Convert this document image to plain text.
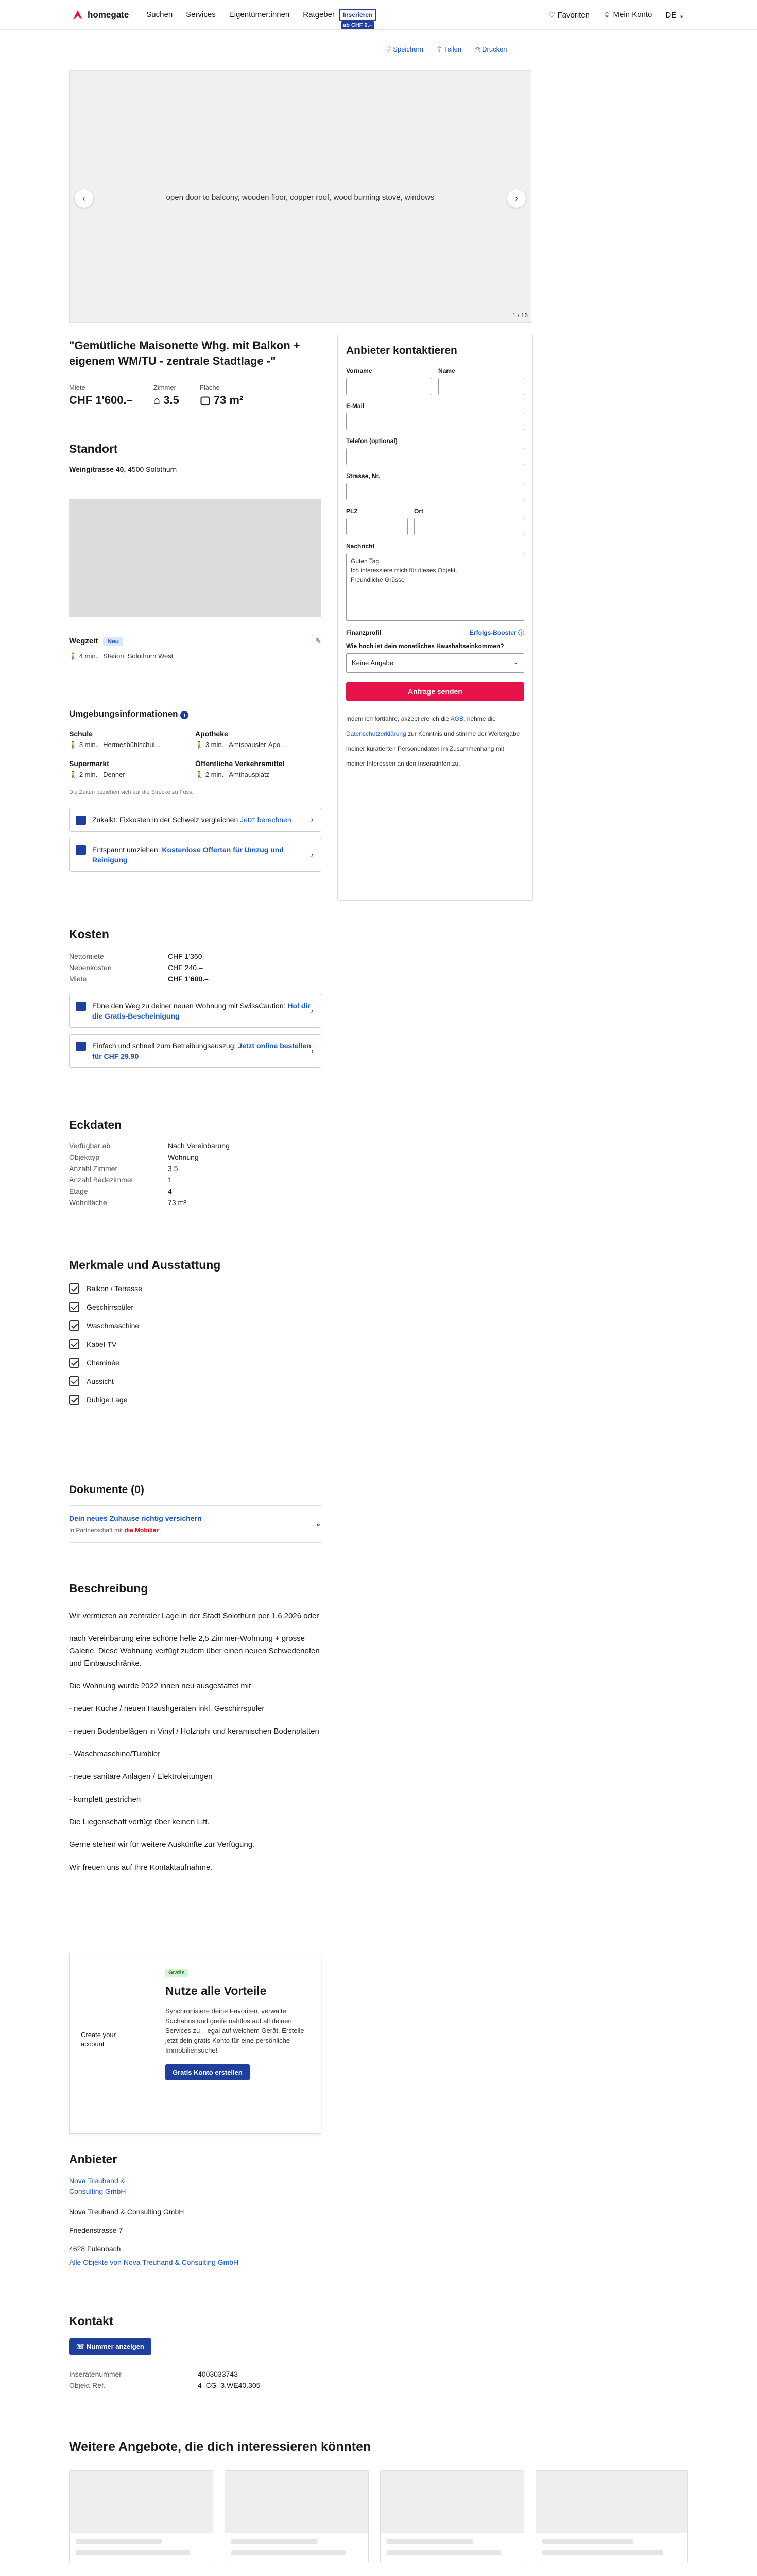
homegate Suchen Services Eigentümer:innen Ratgeber	Inserieren
ab CHF 0.–
♡ Favoriten ☺ Mein Konto DE ⌄
♡ Speichern ⇪ Teilen ⎙ Drucken
open door to balcony, wooden floor, copper roof, wood burning stove, windows
‹	›
1 / 16
"Gemütliche Maisonette Whg. mit Balkon + eigenem WM/TU - zentrale Stadtlage -"
Miete
CHF 1'600.–
Zimmer
⌂ 3.5
Fläche
▢ 73 m²
Standort
Weingitrasse 40, 4500 Solothurn
Wegzeit Neu	✎
🚶 4 min. Station: Solothurn West
Umgebungsinformationen i
Schule
🚶 3 min. Hermesbühlschul...
Apotheke
🚶 3 min. Amtsbausler-Apo...
Supermarkt
🚶 2 min. Denner
Öffentliche Verkehrsmittel
🚶 2 min. Amthausplatz
Die Zeiten beziehen sich auf die Strecke zu Fuss.
Zukalkt: Fixkosten in der Schweiz vergleichen Jetzt berechnen ›
Entspannt umziehen: Kostenlose Offerten für Umzug und Reinigung
›
Kosten
Nettomiete	CHF 1'360.–
Nebenkosten	CHF 240.–
Miete	CHF 1'600.–
Ebne den Weg zu deiner neuen Wohnung mit SwissCaution: Hol dir die Gratis-Bescheinigung
›
Einfach und schnell zum Betreibungsauszug: Jetzt online bestellen für CHF 29.90
›
Eckdaten
Verfügbar ab	Nach Vereinbarung
Objekttyp	Wohnung
Anzahl Zimmer	3.5
Anzahl Badezimmer	1
Etage	4
Wohnfläche	73 m²
Merkmale und Ausstattung
Balkon / Terrasse
Geschirrspüler
Waschmaschine
Kabel-TV
Cheminée
Aussicht
Ruhige Lage
Dokumente (0)
Dein neues Zuhause richtig versichern
In Partnerschaft mit die Mobiliar
⌄
Beschreibung

Wir vermieten an zentraler Lage in der Stadt Solothurn per 1.6.2026 oder

nach Vereinbarung eine schöne helle 2,5 Zimmer-Wohnung + grosse Galerie. Diese Wohnung verfügt zudem über einen neuen Schwedenofen und Einbauschränke.

Die Wohnung wurde 2022 innen neu ausgestattet mit

- neuer Küche / neuen Haushgeräten inkl. Geschirrspüler

- neuen Bodenbelägen in Vinyl / Holzriphi und keramischen Bodenplatten

- Waschmaschine/Tumbler

- neue sanitäre Anlagen / Elektroleitungen

- komplett gestrichen

Die Liegenschaft verfügt über keinen Lift.

Gerne stehen wir für weitere Auskünfte zur Verfügung.

Wir freuen uns auf Ihre Kontaktaufnahme.

Create your account
Gratis
Nutze alle Vorteile
Synchronisiere deine Favoriten, verwalte Suchabos und greife nahtlos auf all deinen Services zu – egal auf welchem Gerät. Erstelle jetzt dein gratis Konto für eine persönliche Immobiliensuche!
Gratis Konto erstellen
Anbieter
Nova Treuhand & Consulting GmbH
Nova Treuhand & Consulting GmbH
Friedenstrasse 7
4628 Fulenbach
Alle Objekte von Nova Treuhand & Consulting GmbH
Kontakt
☏ Nummer anzeigen
Inseratenummer	4003033743
Objekt-Ref.	4_CG_3.WE40.305
Anbieter kontaktieren
Vorname	Name
E-Mail
Telefon (optional)
Strasse, Nr.
PLZ	Ort
Nachricht
Guten Tag
Ich interessiere mich für dieses Objekt.
Freundliche Grüsse
Finanzprofil	Erfolgs-Booster ⓘ
Wie hoch ist dein monatliches Haushaltseinkommen?
Keine Angabe	⌄
Anfrage senden
Indem ich fortfahre, akzeptiere ich die AGB, nehme die Datenschutzerklärung zur Kenntnis und stimme der Weitergabe meiner kuratierten Personendaten im Zusammenhang mit meiner Interessen an den Inseratinfen zu.
Weitere Angebote, die dich interessieren könnten
